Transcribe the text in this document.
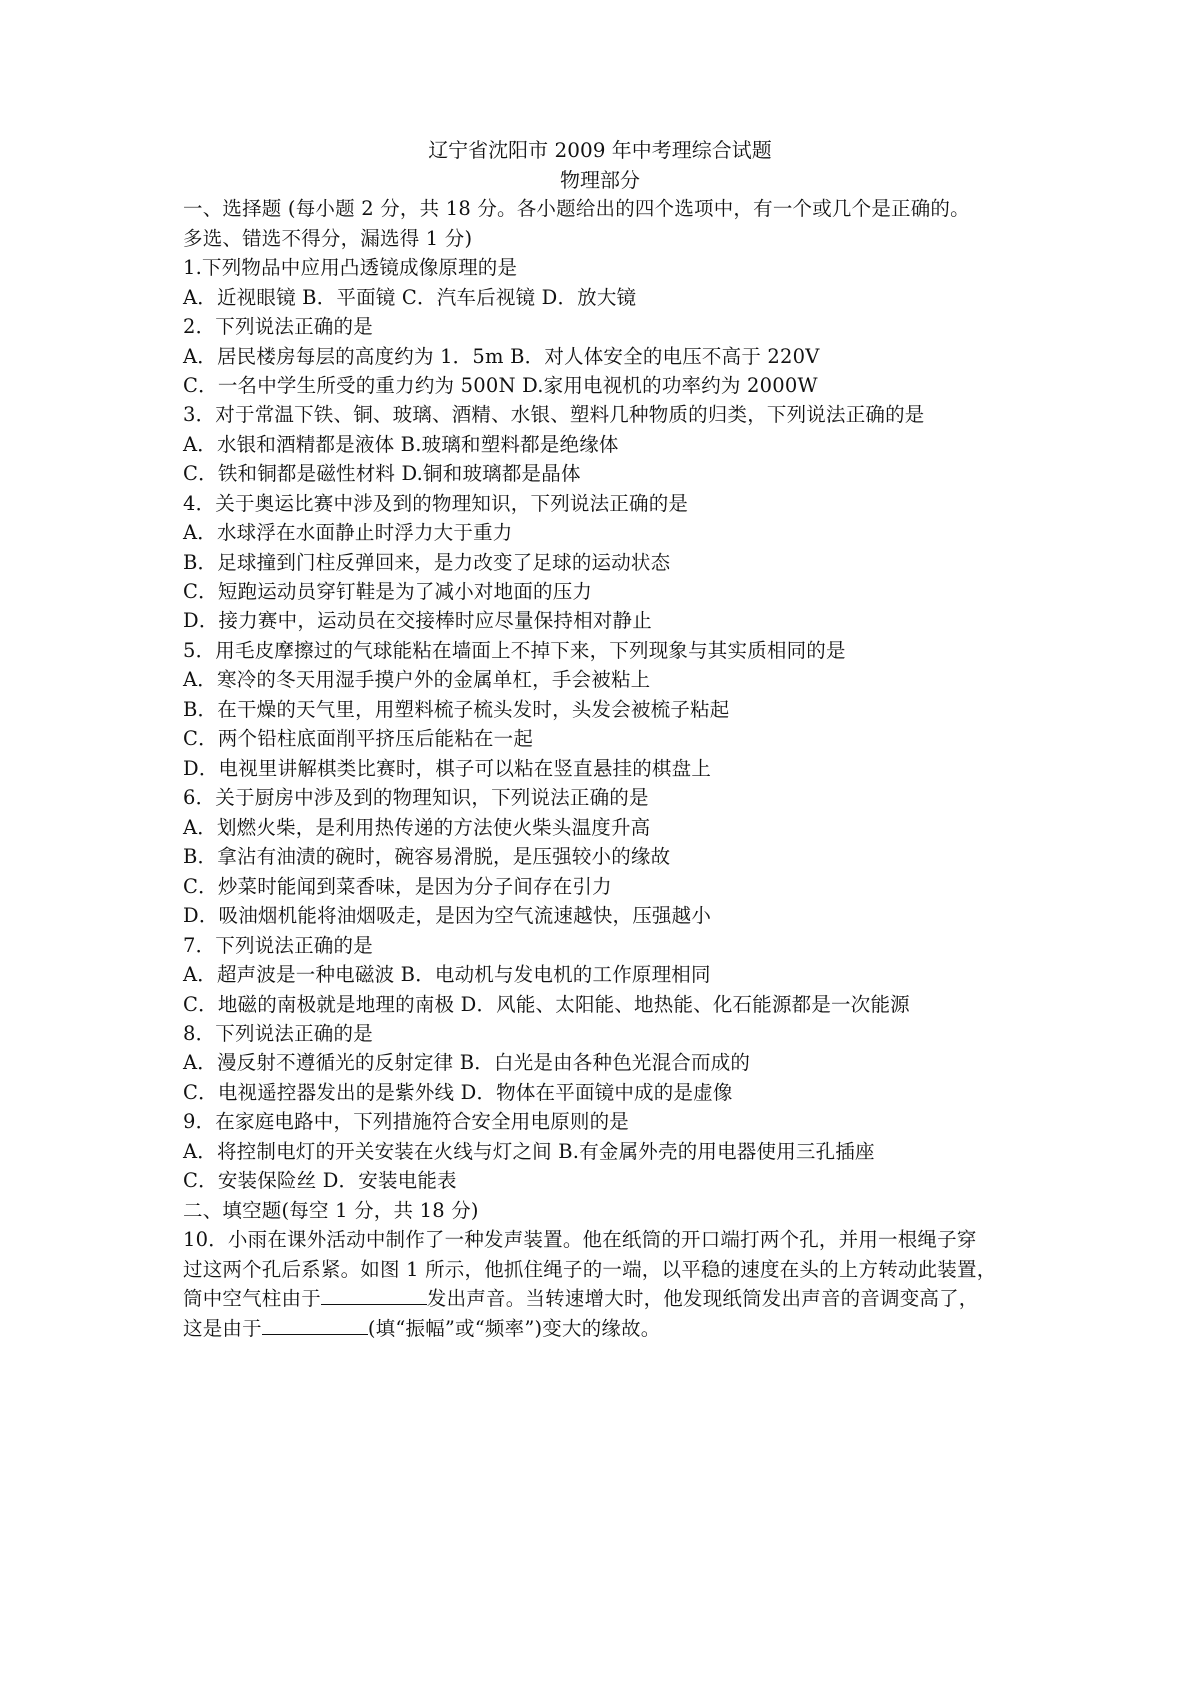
辽宁省沈阳市 2009 年中考理综合试题
物理部分
一、选择题 (每小题 2 分，共 18 分。各小题给出的四个选项中，有一个或几个是正确的。
多选、错选不得分，漏选得 1 分)
1.下列物品中应用凸透镜成像原理的是
A．近视眼镜 B．平面镜 C．汽车后视镜 D．放大镜
2．下列说法正确的是
A．居民楼房每层的高度约为 1．5m B．对人体安全的电压不高于 220V
C．一名中学生所受的重力约为 500N D.家用电视机的功率约为 2000W
3．对于常温下铁、铜、玻璃、酒精、水银、塑料几种物质的归类，下列说法正确的是
A．水银和酒精都是液体 B.玻璃和塑料都是绝缘体
C．铁和铜都是磁性材料 D.铜和玻璃都是晶体
4．关于奥运比赛中涉及到的物理知识，下列说法正确的是
A．水球浮在水面静止时浮力大于重力
B．足球撞到门柱反弹回来，是力改变了足球的运动状态
C．短跑运动员穿钉鞋是为了减小对地面的压力
D．接力赛中，运动员在交接棒时应尽量保持相对静止
5．用毛皮摩擦过的气球能粘在墙面上不掉下来，下列现象与其实质相同的是
A．寒冷的冬天用湿手摸户外的金属单杠，手会被粘上
B．在干燥的天气里，用塑料梳子梳头发时，头发会被梳子粘起
C．两个铅柱底面削平挤压后能粘在一起
D．电视里讲解棋类比赛时，棋子可以粘在竖直悬挂的棋盘上
6．关于厨房中涉及到的物理知识，下列说法正确的是
A．划燃火柴，是利用热传递的方法使火柴头温度升高
B．拿沾有油渍的碗时，碗容易滑脱，是压强较小的缘故
C．炒菜时能闻到菜香味，是因为分子间存在引力
D．吸油烟机能将油烟吸走，是因为空气流速越快，压强越小
7．下列说法正确的是
A．超声波是一种电磁波 B．电动机与发电机的工作原理相同
C．地磁的南极就是地理的南极 D．风能、太阳能、地热能、化石能源都是一次能源
8．下列说法正确的是
A．漫反射不遵循光的反射定律 B．白光是由各种色光混合而成的
C．电视遥控器发出的是紫外线 D．物体在平面镜中成的是虚像
9．在家庭电路中，下列措施符合安全用电原则的是
A．将控制电灯的开关安装在火线与灯之间 B.有金属外壳的用电器使用三孔插座
C．安装保险丝 D．安装电能表
二、填空题(每空 1 分，共 18 分)
10．小雨在课外活动中制作了一种发声装置。他在纸筒的开口端打两个孔，并用一根绳子穿
过这两个孔后系紧。如图 1 所示，他抓住绳子的一端，以平稳的速度在头的上方转动此装置，
筒中空气柱由于	发出声音。当转速增大时，他发现纸筒发出声音的音调变高了，
这是由于	(填“振幅”或“频率”)变大的缘故。
